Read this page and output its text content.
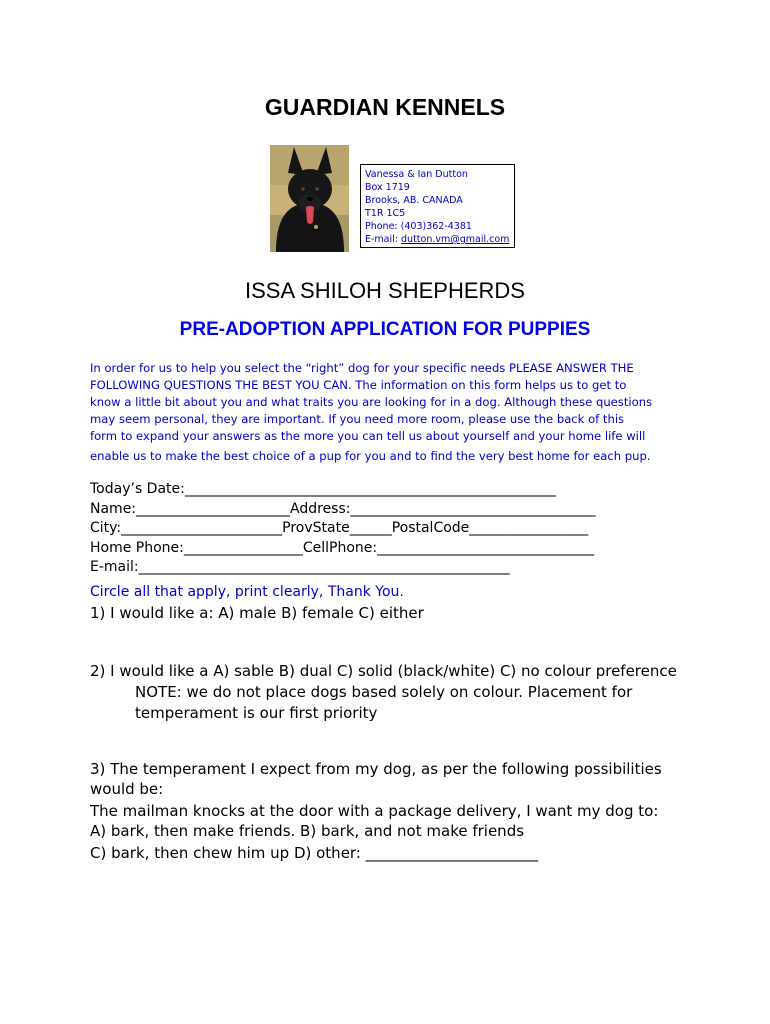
GUARDIAN KENNELS
Vanessa & Ian Dutton
Box 1719
Brooks, AB. CANADA
T1R 1C5
Phone: (403)362-4381
E-mail: dutton.vm@gmail.com
ISSA SHILOH SHEPHERDS
PRE-ADOPTION APPLICATION FOR PUPPIES
In order for us to help you select the “right” dog for your specific needs PLEASE ANSWER THE
FOLLOWING QUESTIONS THE BEST YOU CAN. The information on this form helps us to get to
know a little bit about you and what traits you are looking for in a dog. Although these questions
may seem personal, they are important. If you need more room, please use the back of this
form to expand your answers as the more you can tell us about yourself and your home life will
enable us to make the best choice of a pup for you and to find the very best home for each pup.
Today’s Date:_____________________________________________________
Name:______________________Address:___________________________________
City:_______________________ProvState______PostalCode_________________
Home Phone:_________________CellPhone:_______________________________
E-mail:_____________________________________________________
Circle all that apply, print clearly, Thank You.
1) I would like a: A) male B) female C) either
2) I would like a A) sable B) dual C) solid (black/white) C) no colour preference
NOTE: we do not place dogs based solely on colour. Placement for
temperament is our first priority
3) The temperament I expect from my dog, as per the following possibilities
would be:
The mailman knocks at the door with a package delivery, I want my dog to:
A) bark, then make friends. B) bark, and not make friends
C) bark, then chew him up D) other: _______________________
